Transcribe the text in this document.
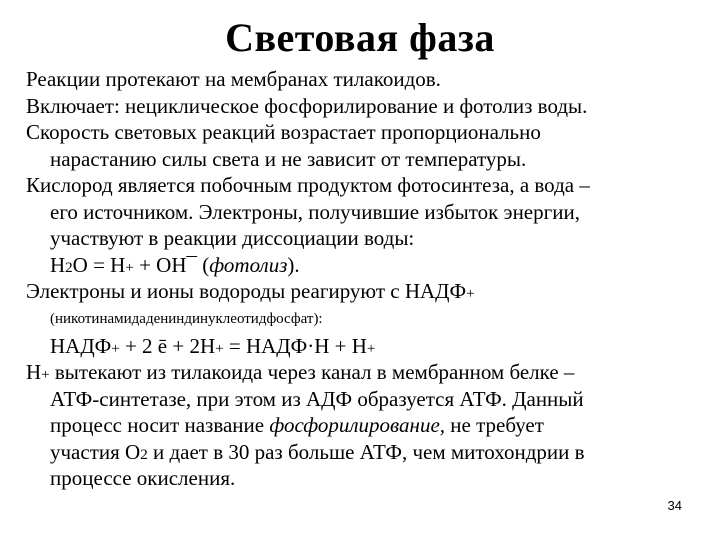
Световая фаза
Реакции протекают на мембранах тилакоидов.
Включает: нециклическое фосфорилирование и фотолиз воды.
Скорость световых реакций возрастает пропорционально
нарастанию силы света и не зависит от температуры.
Кислород является побочным продуктом фотосинтеза, а вода –
его источником. Электроны, получившие избыток энергии,
участвуют в реакции диссоциации воды:
H2O = H+ + OH¯ (фотолиз).
Электроны и ионы водороды реагируют с НАДФ+
(никотинамидадениндинуклеотидфосфат):
НАДФ+ + 2 ē + 2H+ = НАДФ·H + H+
H+ вытекают из тилакоида через канал в мембранном белке –
АТФ-синтетазе, при этом из АДФ образуется АТФ. Данный
процесс носит название фосфорилирование, не требует
участия O2 и дает в 30 раз больше АТФ, чем митохондрии в
процессе окисления.
34
